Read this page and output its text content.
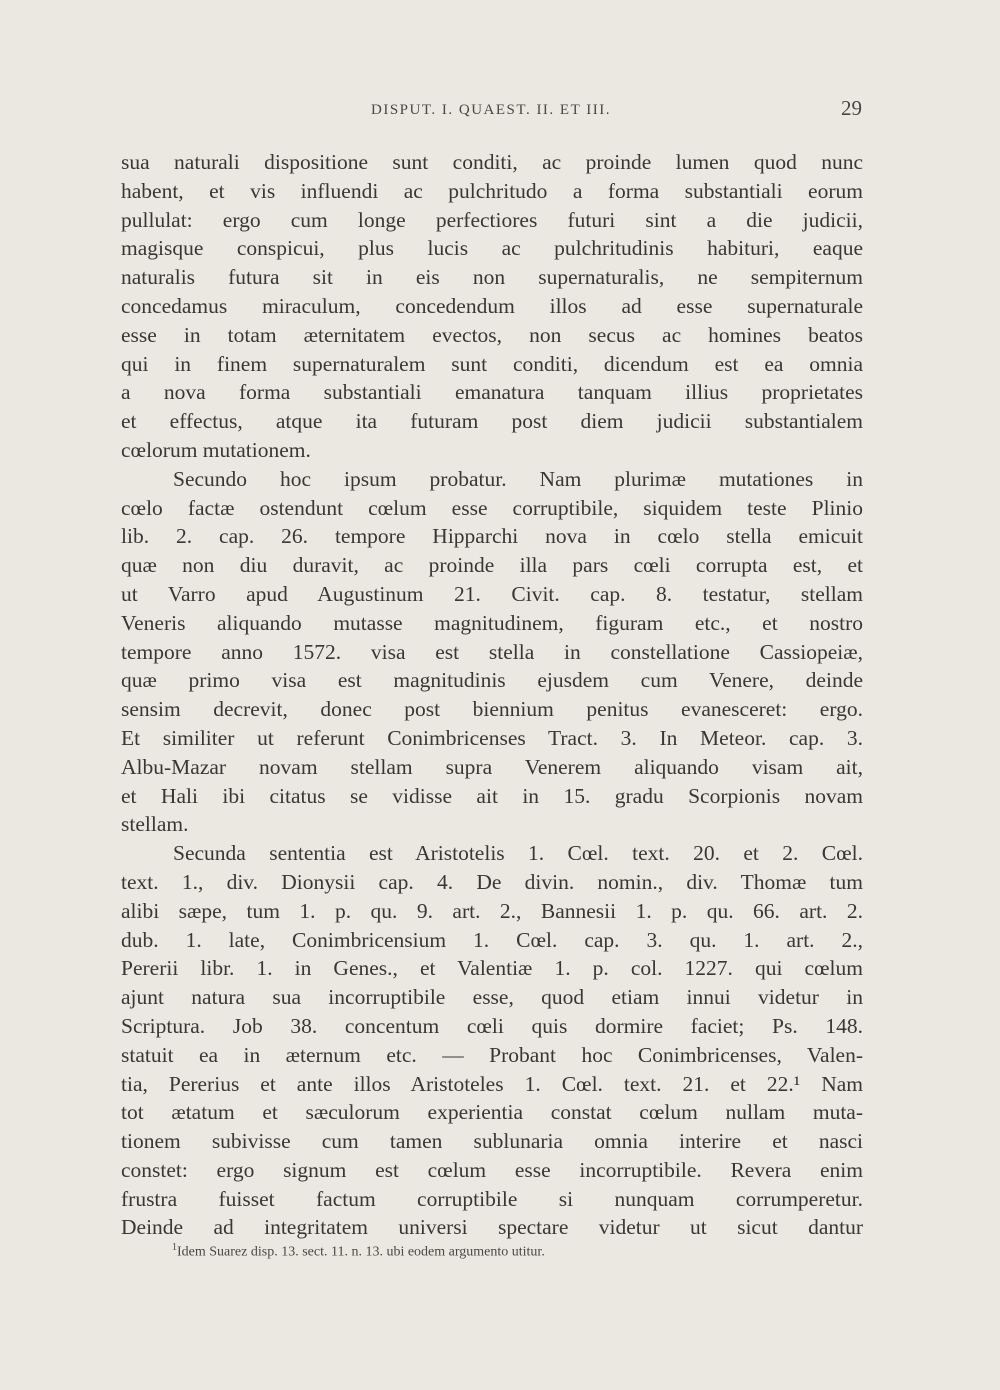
DISPUT. I. QUAEST. II. ET III.	29
sua naturali dispositione sunt conditi, ac proinde lumen quod nunc
habent, et vis influendi ac pulchritudo a forma substantiali eorum
pullulat: ergo cum longe perfectiores futuri sint a die judicii,
magisque conspicui, plus lucis ac pulchritudinis habituri, eaque
naturalis futura sit in eis non supernaturalis, ne sempiternum
concedamus miraculum, concedendum illos ad esse supernaturale
esse in totam æternitatem evectos, non secus ac homines beatos
qui in finem supernaturalem sunt conditi, dicendum est ea omnia
a nova forma substantiali emanatura tanquam illius proprietates
et effectus, atque ita futuram post diem judicii substantialem
cœlorum mutationem.
Secundo hoc ipsum probatur. Nam plurimæ mutationes in
cœlo factæ ostendunt cœlum esse corruptibile, siquidem teste Plinio
lib. 2. cap. 26. tempore Hipparchi nova in cœlo stella emicuit
quæ non diu duravit, ac proinde illa pars cœli corrupta est, et
ut Varro apud Augustinum 21. Civit. cap. 8. testatur, stellam
Veneris aliquando mutasse magnitudinem, figuram etc., et nostro
tempore anno 1572. visa est stella in constellatione Cassiopeiæ,
quæ primo visa est magnitudinis ejusdem cum Venere, deinde
sensim decrevit, donec post biennium penitus evanesceret: ergo.
Et similiter ut referunt Conimbricenses Tract. 3. In Meteor. cap. 3.
Albu-Mazar novam stellam supra Venerem aliquando visam ait,
et Hali ibi citatus se vidisse ait in 15. gradu Scorpionis novam
stellam.
Secunda sententia est Aristotelis 1. Cœl. text. 20. et 2. Cœl.
text. 1., div. Dionysii cap. 4. De divin. nomin., div. Thomæ tum
alibi sæpe, tum 1. p. qu. 9. art. 2., Bannesii 1. p. qu. 66. art. 2.
dub. 1. late, Conimbricensium 1. Cœl. cap. 3. qu. 1. art. 2.,
Pererii libr. 1. in Genes., et Valentiæ 1. p. col. 1227. qui cœlum
ajunt natura sua incorruptibile esse, quod etiam innui videtur in
Scriptura. Job 38. concentum cœli quis dormire faciet; Ps. 148.
statuit ea in æternum etc. — Probant hoc Conimbricenses, Valen-
tia, Pererius et ante illos Aristoteles 1. Cœl. text. 21. et 22.¹ Nam
tot ætatum et sæculorum experientia constat cœlum nullam muta-
tionem subivisse cum tamen sublunaria omnia interire et nasci
constet: ergo signum est cœlum esse incorruptibile. Revera enim
frustra fuisset factum corruptibile si nunquam corrumperetur.
Deinde ad integritatem universi spectare videtur ut sicut dantur
$^1$Idem Suarez disp. 13. sect. 11. n. 13. ubi eodem argumento utitur.
